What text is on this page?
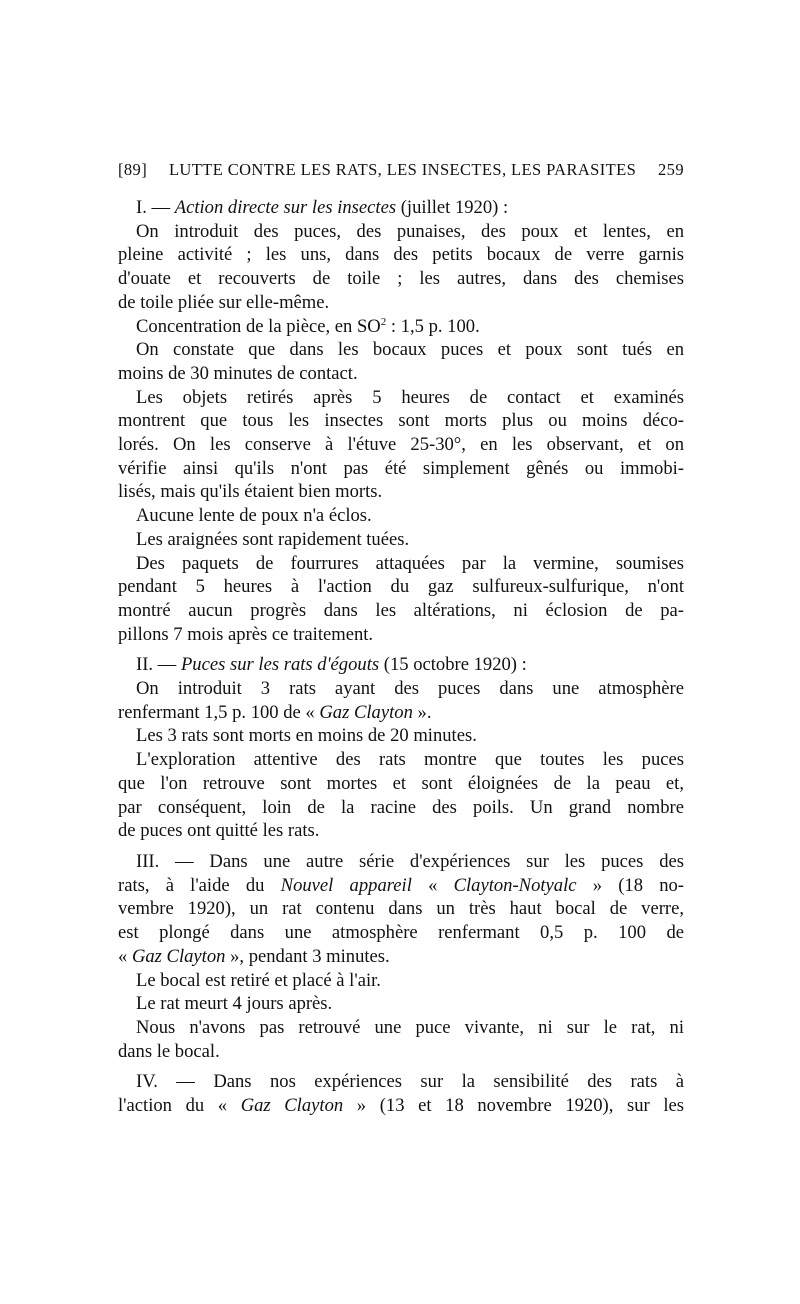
[89] LUTTE CONTRE LES RATS, LES INSECTES, LES PARASITES 259
I. — Action directe sur les insectes (juillet 1920) :
On introduit des puces, des punaises, des poux et lentes, en
pleine activité ; les uns, dans des petits bocaux de verre garnis
d'ouate et recouverts de toile ; les autres, dans des chemises
de toile pliée sur elle-même.
Concentration de la pièce, en $SO^2$ : 1,5 p. 100.
On constate que dans les bocaux puces et poux sont tués en
moins de 30 minutes de contact.
Les objets retirés après 5 heures de contact et examinés
montrent que tous les insectes sont morts plus ou moins déco-
lorés. On les conserve à l'étuve 25-30°, en les observant, et on
vérifie ainsi qu'ils n'ont pas été simplement gênés ou immobi-
lisés, mais qu'ils étaient bien morts.
Aucune lente de poux n'a éclos.
Les araignées sont rapidement tuées.
Des paquets de fourrures attaquées par la vermine, soumises
pendant 5 heures à l'action du gaz sulfureux-sulfurique, n'ont
montré aucun progrès dans les altérations, ni éclosion de pa-
pillons 7 mois après ce traitement.
II. — Puces sur les rats d'égouts (15 octobre 1920) :
On introduit 3 rats ayant des puces dans une atmosphère
renfermant 1,5 p. 100 de « Gaz Clayton ».
Les 3 rats sont morts en moins de 20 minutes.
L'exploration attentive des rats montre que toutes les puces
que l'on retrouve sont mortes et sont éloignées de la peau et,
par conséquent, loin de la racine des poils. Un grand nombre
de puces ont quitté les rats.
III. — Dans une autre série d'expériences sur les puces des
rats, à l'aide du Nouvel appareil « Clayton-Notyalc » (18 no-
vembre 1920), un rat contenu dans un très haut bocal de verre,
est plongé dans une atmosphère renfermant 0,5 p. 100 de
« Gaz Clayton », pendant 3 minutes.
Le bocal est retiré et placé à l'air.
Le rat meurt 4 jours après.
Nous n'avons pas retrouvé une puce vivante, ni sur le rat, ni
dans le bocal.
IV. — Dans nos expériences sur la sensibilité des rats à
l'action du « Gaz Clayton » (13 et 18 novembre 1920), sur les
